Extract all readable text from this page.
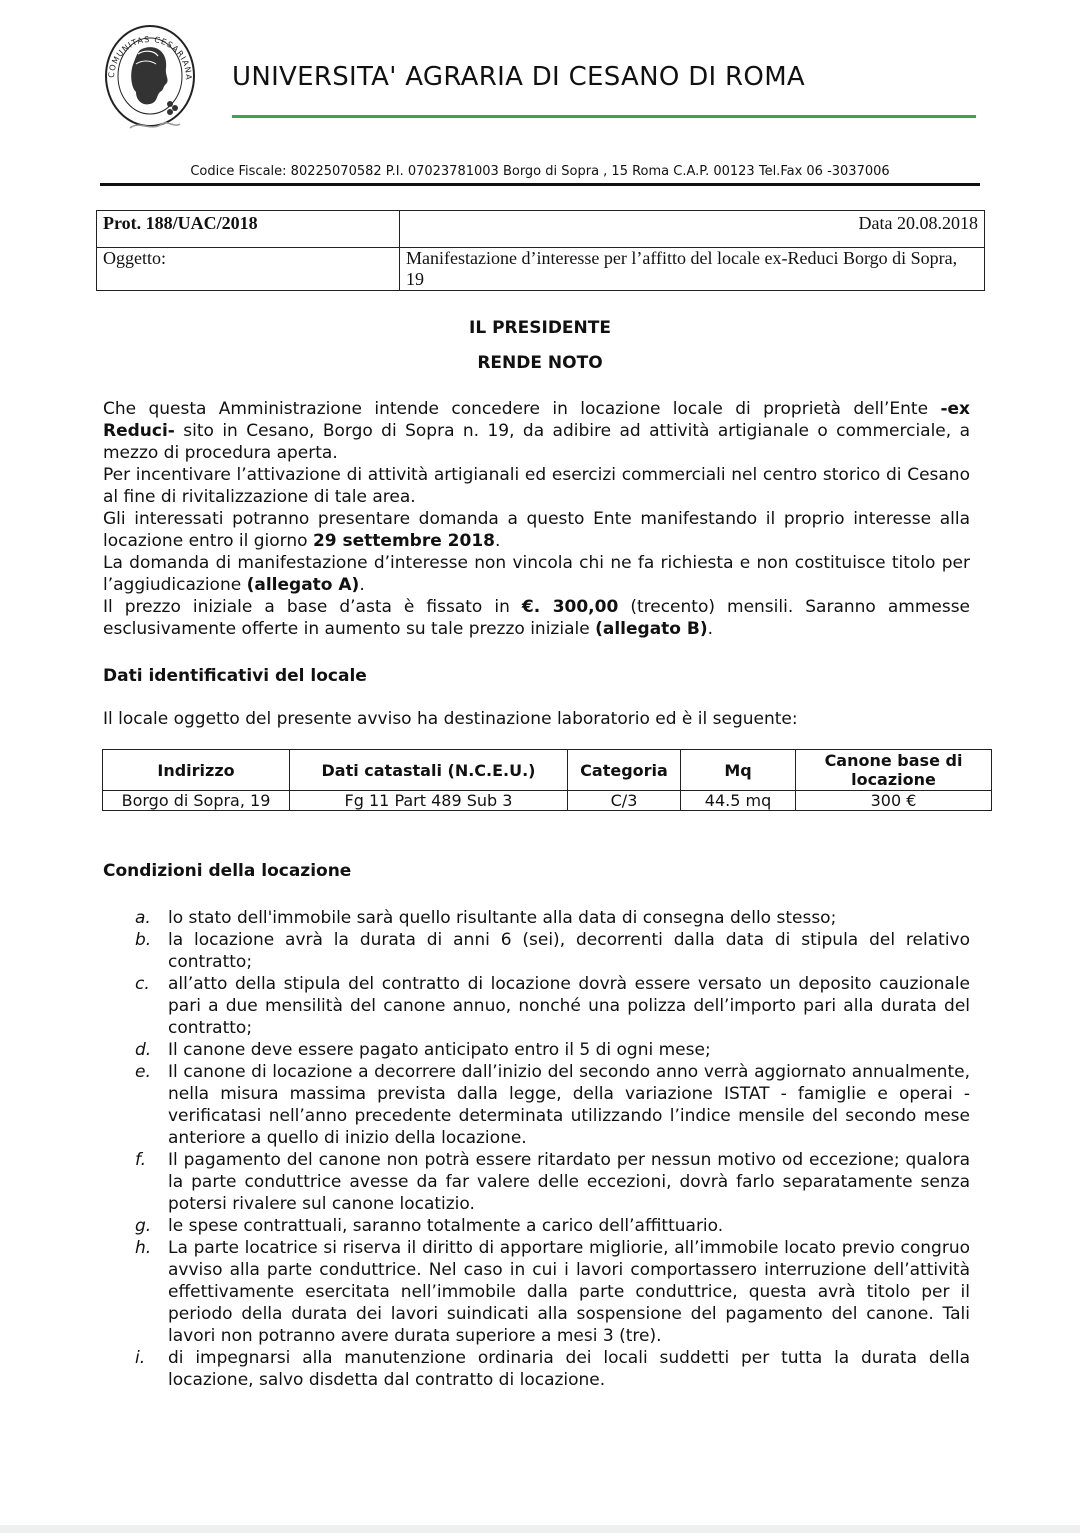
COMUNITAS CESARIANA UNIVERSITA' AGRARIA DI CESANO DI ROMA
Codice Fiscale: 80225070582 P.I. 07023781003 Borgo di Sopra , 15 Roma C.A.P. 00123 Tel.Fax 06 -3037006
Prot. 188/UAC/2018	Data 20.08.2018
Oggetto:	Manifestazione d’interesse per l’affitto del locale ex-Reduci Borgo di Sopra, 19
IL PRESIDENTE
RENDE NOTO

Che questa Amministrazione intende concedere in locazione locale di proprietà dell’Ente -ex Reduci- sito in Cesano, Borgo di Sopra n. 19, da adibire ad attività artigianale o commerciale, a mezzo di procedura aperta.

Per incentivare l’attivazione di attività artigianali ed esercizi commerciali nel centro storico di Cesano al fine di rivitalizzazione di tale area.

Gli interessati potranno presentare domanda a questo Ente manifestando il proprio interesse alla locazione entro il giorno 29 settembre 2018.

La domanda di manifestazione d’interesse non vincola chi ne fa richiesta e non costituisce titolo per l’aggiudicazione (allegato A).

Il prezzo iniziale a base d’asta è fissato in €. 300,00 (trecento) mensili. Saranno ammesse esclusivamente offerte in aumento su tale prezzo iniziale (allegato B).

Dati identificativi del locale
Il locale oggetto del presente avviso ha destinazione laboratorio ed è il seguente:
Indirizzo	Dati catastali (N.C.E.U.)	Categoria	Mq	Canone base di locazione
Borgo di Sopra, 19	Fg 11 Part 489 Sub 3	C/3	44.5 mq	300 €
Condizioni della locazione
a.	lo stato dell'immobile sarà quello risultante alla data di consegna dello stesso;
b. la locazione avrà la durata di anni 6 (sei), decorrenti dalla data di stipula del relativo contratto;
c.	all’atto della stipula del contratto di locazione dovrà essere versato un deposito cauzionale pari a due mensilità del canone annuo, nonché una polizza dell’importo pari alla durata del contratto;
d. Il canone deve essere pagato anticipato entro il 5 di ogni mese;
e.	Il canone di locazione a decorrere dall’inizio del secondo anno verrà aggiornato annualmente, nella misura massima prevista dalla legge, della variazione ISTAT - famiglie e operai - verificatasi nell’anno precedente determinata utilizzando l’indice mensile del secondo mese anteriore a quello di inizio della locazione.
f.	Il pagamento del canone non potrà essere ritardato per nessun motivo od eccezione; qualora la parte conduttrice avesse da far valere delle eccezioni, dovrà farlo separatamente senza potersi rivalere sul canone locatizio.
g. le spese contrattuali, saranno totalmente a carico dell’affittuario.
h. La parte locatrice si riserva il diritto di apportare migliorie, all’immobile locato previo congruo avviso alla parte conduttrice. Nel caso in cui i lavori comportassero interruzione dell’attività effettivamente esercitata nell’immobile dalla parte conduttrice, questa avrà titolo per il periodo della durata dei lavori suindicati alla sospensione del pagamento del canone. Tali lavori non potranno avere durata superiore a mesi 3 (tre).
i.	di impegnarsi alla manutenzione ordinaria dei locali suddetti per tutta la durata della locazione, salvo disdetta dal contratto di locazione.
